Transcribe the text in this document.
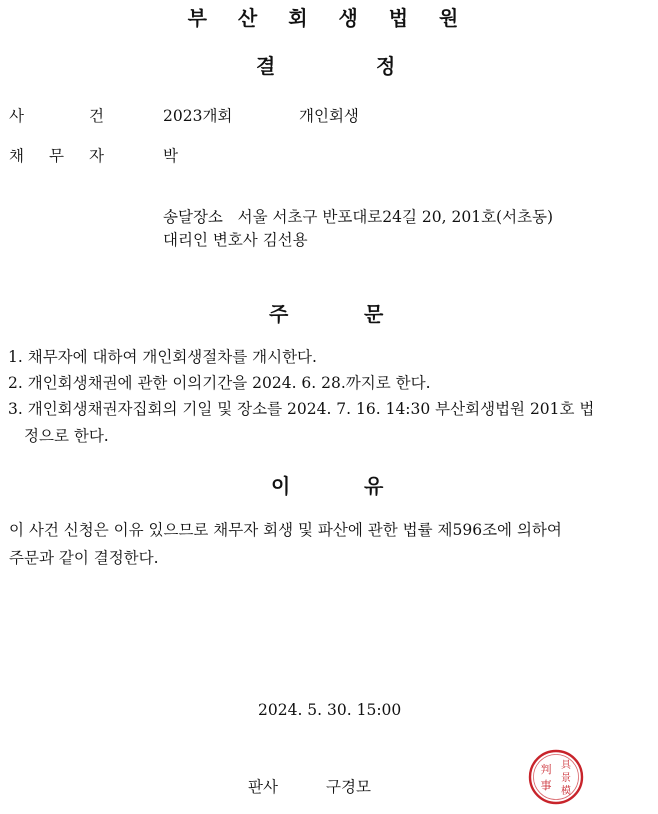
부 산 회 생 법 원
결	정
사	건	2023개회	개인회생
채 무 자	박
송달장소   서울 서초구 반포대로24길 20, 201호(서초동)
대리인 변호사 김선용
주	문
1. 채무자에 대하여 개인회생절차를 개시한다.
2. 개인회생채권에 관한 이의기간을 2024. 6. 28.까지로 한다.
3. 개인회생채권자집회의 기일 및 장소를 2024. 7. 16. 14:30 부산회생법원 201호 법
정으로 한다.
이	유
이 사건 신청은 이유 있으므로 채무자 회생 및 파산에 관한 법률 제596조에 의하여
주문과 같이 결정한다.
2024. 5. 30. 15:00
판사	구경모
判
事
具
景
模
